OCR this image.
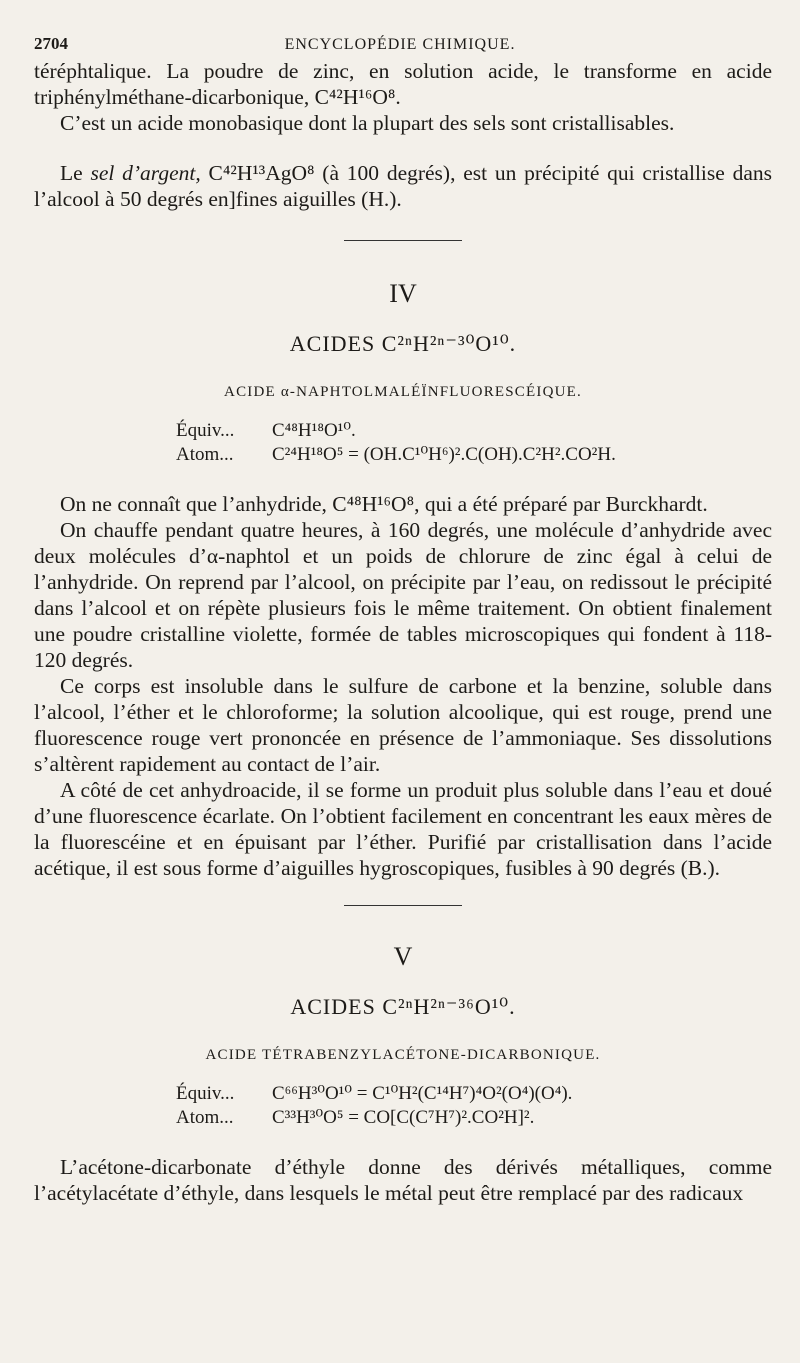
2704	ENCYCLOPÉDIE CHIMIQUE.

téréphtalique. La poudre de zinc, en solution acide, le transforme en acide triphénylméthane-dicarbonique, C⁴²H¹⁶O⁸.

C’est un acide monobasique dont la plupart des sels sont cristallisables.

Le sel d’argent, C⁴²H¹³AgO⁸ (à 100 degrés), est un précipité qui cristallise dans l’alcool à 50 degrés en]fines aiguilles (H.).

IV
ACIDES C²ⁿH²ⁿ⁻³⁰O¹⁰.
ACIDE α-NAPHTOLMALÉÏNFLUORESCÉIQUE.
Équiv... C⁴⁸H¹⁸O¹⁰.
Atom... C²⁴H¹⁸O⁵ = (OH.C¹⁰H⁶)².C(OH).C²H².CO²H.

On ne connaît que l’anhydride, C⁴⁸H¹⁶O⁸, qui a été préparé par Burckhardt.

On chauffe pendant quatre heures, à 160 degrés, une molécule d’anhydride avec deux molécules d’α-naphtol et un poids de chlorure de zinc égal à celui de l’anhydride. On reprend par l’alcool, on précipite par l’eau, on redissout le précipité dans l’alcool et on répète plusieurs fois le même traitement. On obtient finalement une poudre cristalline violette, formée de tables microscopiques qui fondent à 118-120 degrés.

Ce corps est insoluble dans le sulfure de carbone et la benzine, soluble dans l’alcool, l’éther et le chloroforme; la solution alcoolique, qui est rouge, prend une fluorescence rouge vert prononcée en présence de l’ammoniaque. Ses dissolutions s’altèrent rapidement au contact de l’air.

A côté de cet anhydroacide, il se forme un produit plus soluble dans l’eau et doué d’une fluorescence écarlate. On l’obtient facilement en concentrant les eaux mères de la fluorescéine et en épuisant par l’éther. Purifié par cristallisation dans l’acide acétique, il est sous forme d’aiguilles hygroscopiques, fusibles à 90 degrés (B.).

V
ACIDES C²ⁿH²ⁿ⁻³⁶O¹⁰.
ACIDE TÉTRABENZYLACÉTONE-DICARBONIQUE.
Équiv... C⁶⁶H³⁰O¹⁰ = C¹⁰H²(C¹⁴H⁷)⁴O²(O⁴)(O⁴).
Atom... C³³H³⁰O⁵ = CO[C(C⁷H⁷)².CO²H]².

L’acétone-dicarbonate d’éthyle donne des dérivés métalliques, comme l’acétylacétate d’éthyle, dans lesquels le métal peut être remplacé par des radicaux
